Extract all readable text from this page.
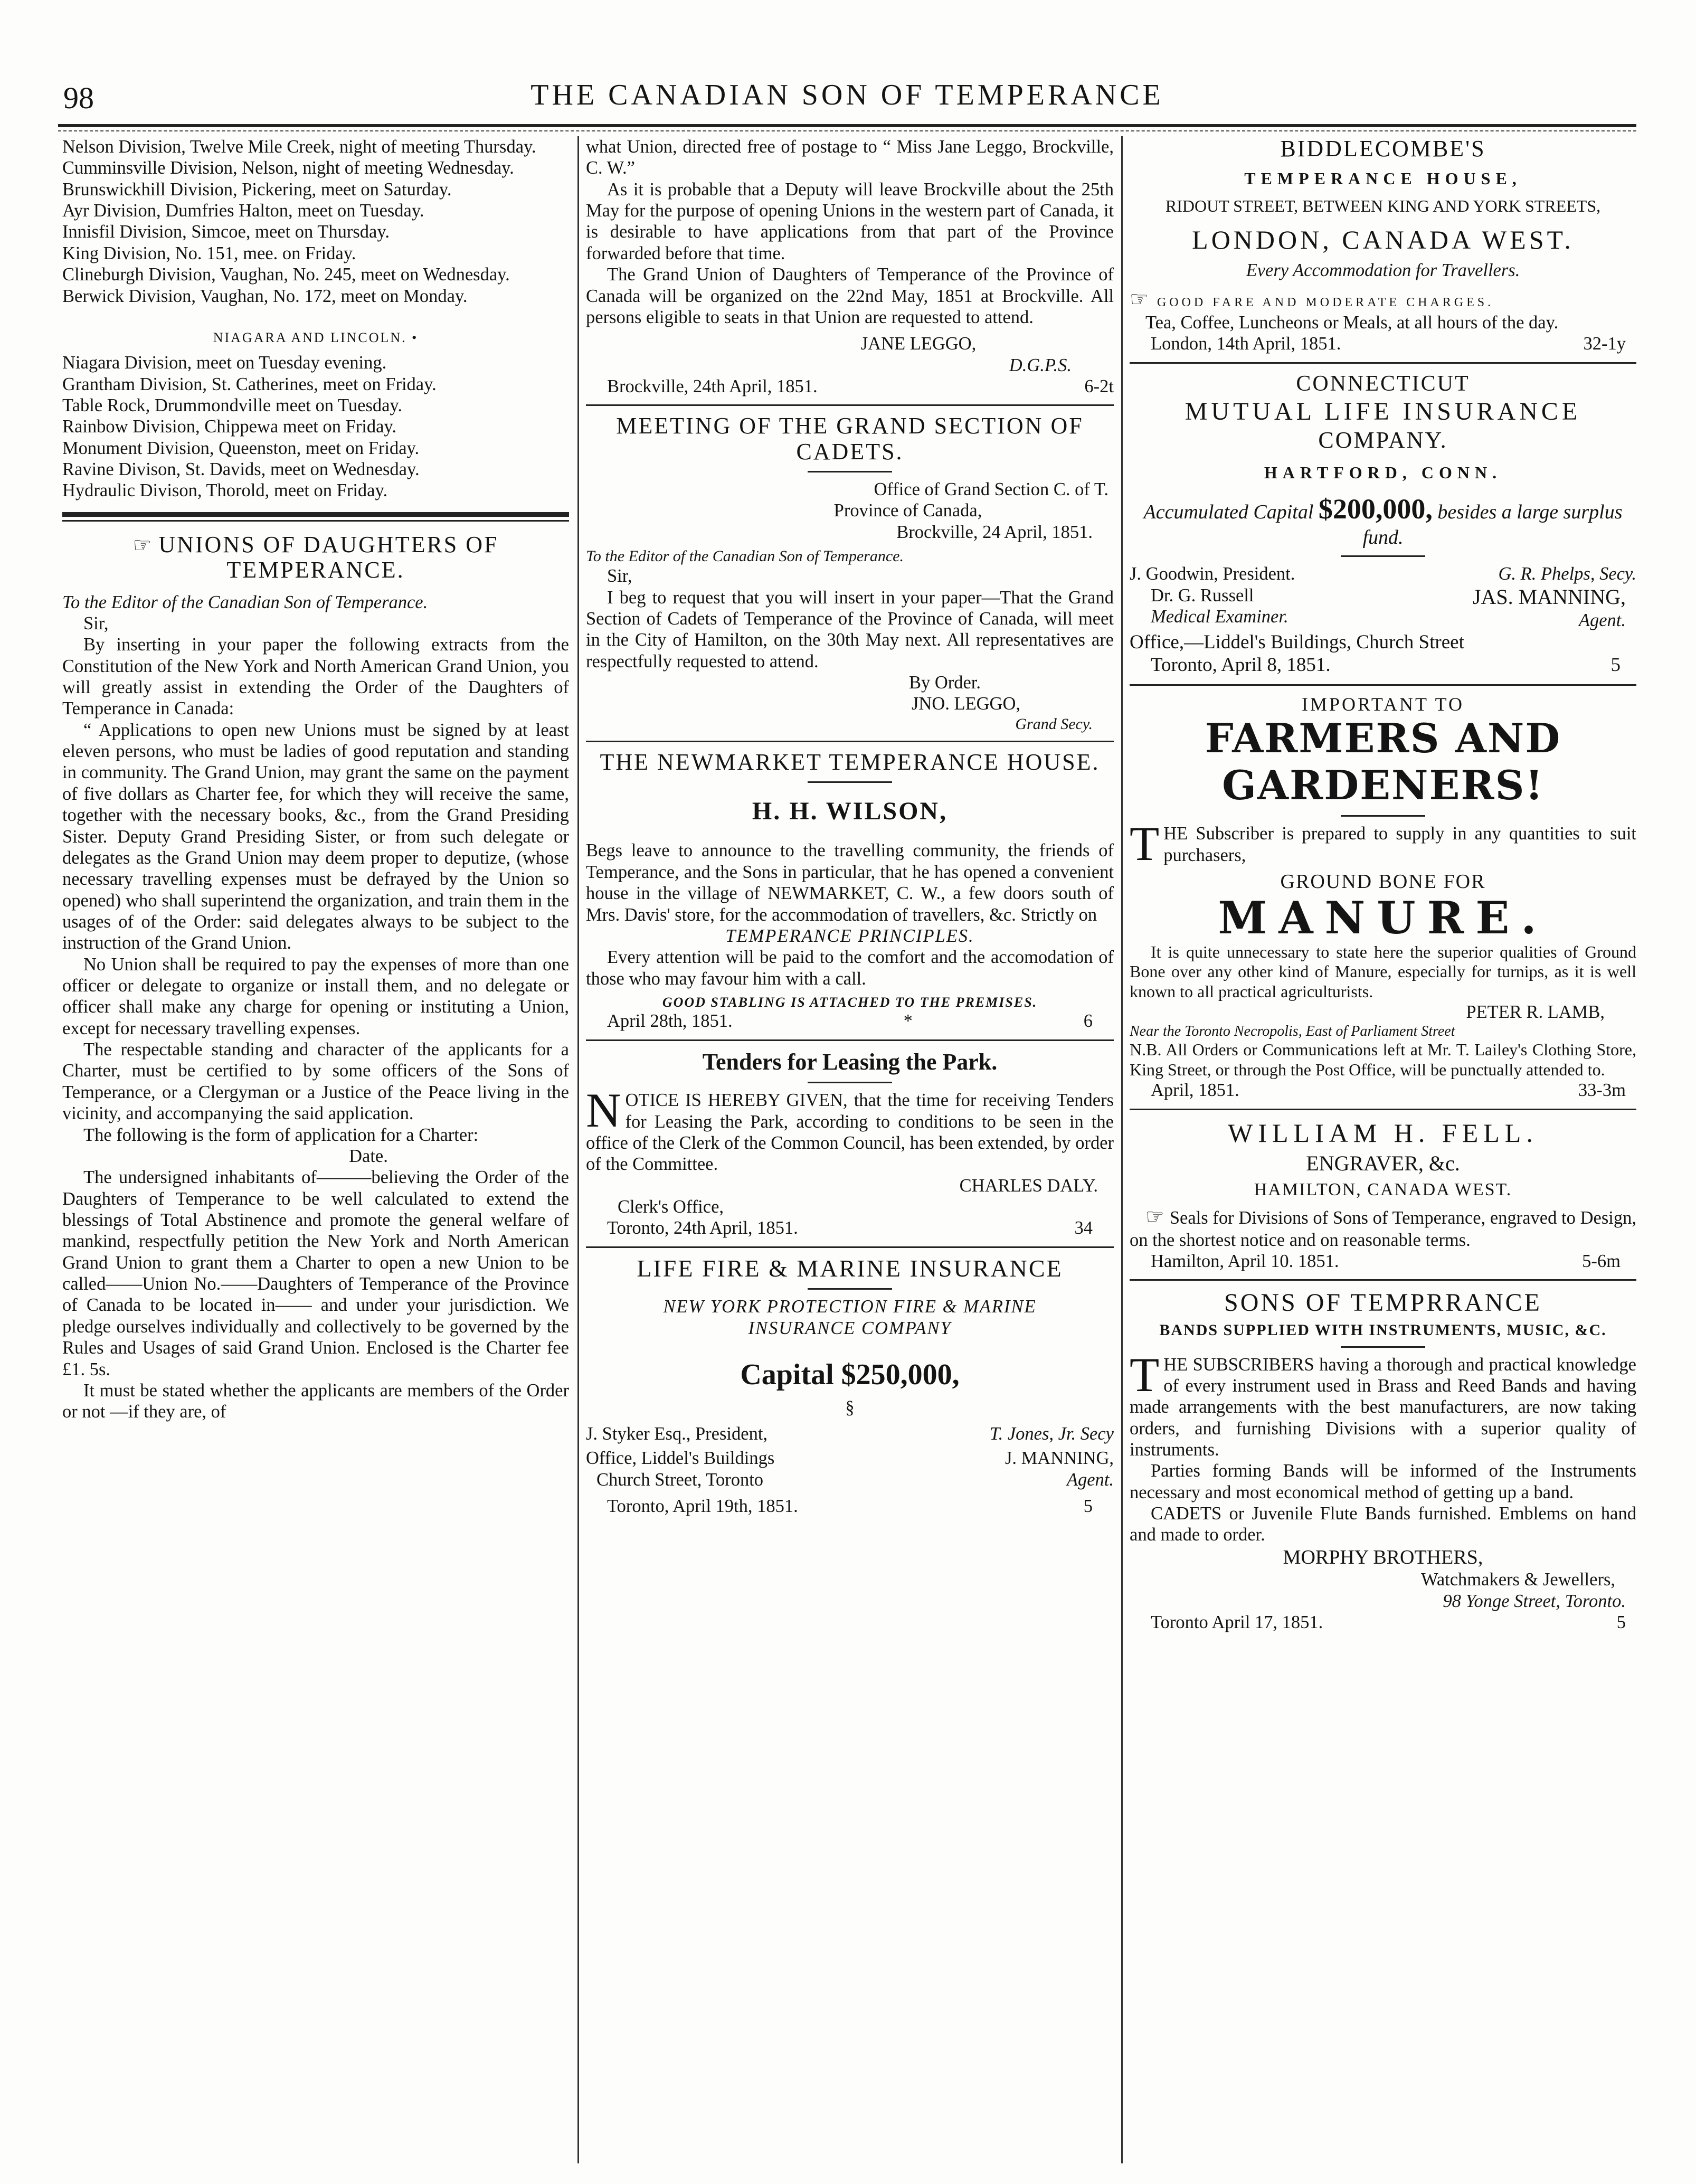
98	THE CANADIAN SON OF TEMPERANCE

Nelson Division, Twelve Mile Creek, night of meeting Thursday.

Cumminsville Division, Nelson, night of meeting Wednesday.

Brunswickhill Division, Pickering, meet on Saturday.

Ayr Division, Dumfries Halton, meet on Tuesday.

Innisfil Division, Simcoe, meet on Thursday.

King Division, No. 151, mee. on Friday.

Clineburgh Division, Vaughan, No. 245, meet on Wednesday.

Berwick Division, Vaughan, No. 172, meet on Monday.

NIAGARA AND LINCOLN. •

Niagara Division, meet on Tuesday evening.

Grantham Division, St. Catherines, meet on Friday.

Table Rock, Drummondville meet on Tuesday.

Rainbow Division, Chippewa meet on Friday.

Monument Division, Queenston, meet on Friday.

Ravine Divison, St. Davids, meet on Wednesday.

Hydraulic Divison, Thorold, meet on Friday.

☞ UNIONS OF DAUGHTERS OF TEMPERANCE.

To the Editor of the Canadian Son of Temperance.

Sir,

By inserting in your paper the following extracts from the Constitution of the New York and North American Grand Union, you will greatly assist in extending the Order of the Daughters of Temperance in Canada:

“ Applications to open new Unions must be signed by at least eleven persons, who must be ladies of good reputation and standing in community. The Grand Union, may grant the same on the payment of five dollars as Charter fee, for which they will receive the same, together with the necessary books, &c., from the Grand Presiding Sister. Deputy Grand Presiding Sister, or from such delegate or delegates as the Grand Union may deem proper to deputize, (whose necessary travelling expenses must be defrayed by the Union so opened) who shall superintend the organization, and train them in the usages of of the Order: said delegates always to be subject to the instruction of the Grand Union.

No Union shall be required to pay the expenses of more than one officer or delegate to organize or install them, and no delegate or officer shall make any charge for opening or instituting a Union, except for necessary travelling expenses.

The respectable standing and character of the applicants for a Charter, must be certified to by some officers of the Sons of Temperance, or a Clergyman or a Justice of the Peace living in the vicinity, and accompanying the said application.

The following is the form of application for a Charter:

Date.

The undersigned inhabitants of———believing the Order of the Daughters of Temperance to be well calculated to extend the blessings of Total Abstinence and promote the general welfare of mankind, respectfully petition the New York and North American Grand Union to grant them a Charter to open a new Union to be called——Union No.——Daughters of Temperance of the Province of Canada to be located in—— and under your jurisdiction. We pledge ourselves individually and collectively to be governed by the Rules and Usages of said Grand Union. Enclosed is the Charter fee £1. 5s.

It must be stated whether the applicants are members of the Order or not —if they are, of

what Union, directed free of postage to “ Miss Jane Leggo, Brockville, C. W.”

As it is probable that a Deputy will leave Brockville about the 25th May for the purpose of opening Unions in the western part of Canada, it is desirable to have applications from that part of the Province forwarded before that time.

The Grand Union of Daughters of Temperance of the Province of Canada will be organized on the 22nd May, 1851 at Brockville. All persons eligible to seats in that Union are requested to attend.

JANE LEGGO,

D.G.P.S.

Brockville, 24th April, 1851.	6-2t
MEETING OF THE GRAND SECTION OF CADETS.

Office of Grand Section C. of T.

Province of Canada,

Brockville, 24 April, 1851.

To the Editor of the Canadian Son of Temperance.

Sir,

I beg to request that you will insert in your paper—That the Grand Section of Cadets of Temperance of the Province of Canada, will meet in the City of Hamilton, on the 30th May next. All representatives are respectfully requested to attend.

By Order.

JNO. LEGGO,

Grand Secy.

THE NEWMARKET TEMPERANCE HOUSE.
H. H. WILSON,

Begs leave to announce to the travelling community, the friends of Temperance, and the Sons in particular, that he has opened a convenient house in the village of NEWMARKET, C. W., a few doors south of Mrs. Davis' store, for the accommodation of travellers, &c. Strictly on

TEMPERANCE PRINCIPLES.

Every attention will be paid to the comfort and the accomodation of those who may favour him with a call.

GOOD STABLING IS ATTACHED TO THE PREMISES.

April 28th, 1851.	*	6
Tenders for Leasing the Park.

NOTICE IS HEREBY GIVEN, that the time for receiving Tenders for Leasing the Park, according to conditions to be seen in the office of the Clerk of the Common Council, has been extended, by order of the Committee.

CHARLES DALY.

Clerk's Office,

Toronto, 24th April, 1851.	34
LIFE FIRE & MARINE INSURANCE

NEW YORK PROTECTION FIRE & MARINE INSURANCE COMPANY

Capital $250,000,

§

J. Styker Esq., President,	T. Jones, Jr. Secy

Office, Liddel's Buildings

Church Street, Toronto

J. MANNING,

Agent.

Toronto, April 19th, 1851.	5
BIDDLECOMBE'S

TEMPERANCE HOUSE,

RIDOUT STREET, BETWEEN KING AND YORK STREETS,

LONDON, CANADA WEST.

Every Accommodation for Travellers.

☞ GOOD FARE AND MODERATE CHARGES.

Tea, Coffee, Luncheons or Meals, at all hours of the day.

London, 14th April, 1851.	32-1y

CONNECTICUT

MUTUAL LIFE INSURANCE

COMPANY.

HARTFORD, CONN.

Accumulated Capital $200,000, besides a large surplus fund.

J. Goodwin, President.	G. R. Phelps, Secy.

Dr. G. Russell

Medical Examiner.

JAS. MANNING,

Agent.

Office,—Liddel's Buildings, Church Street

Toronto, April 8, 1851.	5

IMPORTANT TO

FARMERS AND GARDENERS!

THE Subscriber is prepared to supply in any quantities to suit purchasers,

GROUND BONE FOR

MANURE.

It is quite unnecessary to state here the superior qualities of Ground Bone over any other kind of Manure, especially for turnips, as it is well known to all practical agriculturists.

PETER R. LAMB,

Near the Toronto Necropolis, East of Parliament Street

N.B. All Orders or Communications left at Mr. T. Lailey's Clothing Store, King Street, or through the Post Office, will be punctually attended to.

April, 1851.	33-3m

WILLIAM H. FELL.

ENGRAVER, &c.

HAMILTON, CANADA WEST.

☞ Seals for Divisions of Sons of Temperance, engraved to Design, on the shortest notice and on reasonable terms.

Hamilton, April 10. 1851.	5-6m

SONS OF TEMPRRANCE

BANDS SUPPLIED WITH INSTRUMENTS, MUSIC, &C.

THE SUBSCRIBERS having a thorough and practical knowledge of every instrument used in Brass and Reed Bands and having made arrangements with the best manufacturers, are now taking orders, and furnishing Divisions with a superior quality of instruments.

Parties forming Bands will be informed of the Instruments necessary and most economical method of getting up a band.

CADETS or Juvenile Flute Bands furnished. Emblems on hand and made to order.

MORPHY BROTHERS,

Watchmakers & Jewellers,

98 Yonge Street, Toronto.

Toronto April 17, 1851.	5
